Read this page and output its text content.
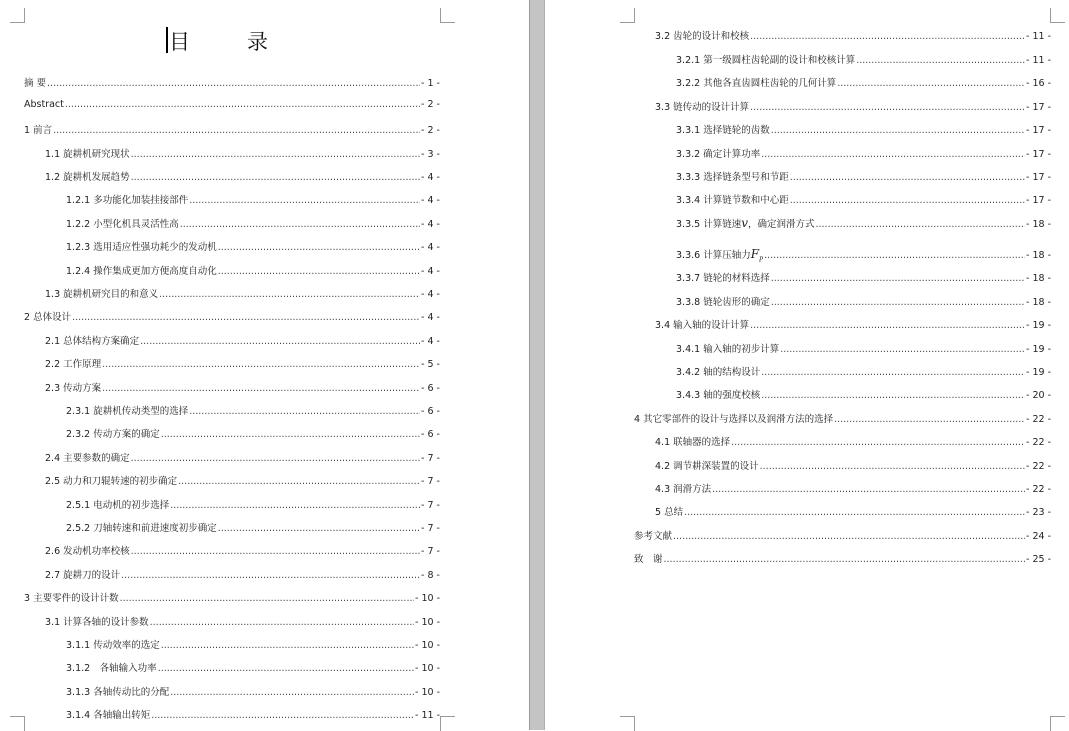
目　录
摘 要 .....	- 1 -
Abstract .....	- 2 -
1 前言 .....	- 2 -
1.1 旋耕机研究现状 .....	- 3 -
1.2 旋耕机发展趋势 .....	- 4 -
1.2.1 多功能化加装挂接部件 .....	- 4 -
1.2.2 小型化机具灵活性高 .....	- 4 -
1.2.3 选用适应性强功耗少的发动机 .....	- 4 -
1.2.4 操作集成更加方便高度自动化 .....	- 4 -
1.3 旋耕机研究目的和意义 .....	- 4 -
2 总体设计 .....	- 4 -
2.1 总体结构方案确定 .....	- 4 -
2.2 工作原理 .....	- 5 -
2.3 传动方案 .....	- 6 -
2.3.1 旋耕机传动类型的选择 .....	- 6 -
2.3.2 传动方案的确定 .....	- 6 -
2.4 主要参数的确定 .....	- 7 -
2.5 动力和刀辊转速的初步确定 .....	- 7 -
2.5.1 电动机的初步选择 .....	- 7 -
2.5.2 刀轴转速和前进速度初步确定 .....	- 7 -
2.6 发动机功率校核 .....	- 7 -
2.7 旋耕刀的设计 .....	- 8 -
3 主要零件的设计计数 .....	- 10 -
3.1 计算各轴的设计参数 .....	- 10 -
3.1.1 传动效率的选定 .....	- 10 -
3.1.2　各轴输入功率 .....	- 10 -
3.1.3 各轴传动比的分配 .....	- 10 -
3.1.4 各轴输出转矩 .....	- 11 -
3.2 齿轮的设计和校核 .....	- 11 -
3.2.1 第一级圆柱齿轮副的设计和校核计算 .....	- 11 -
3.2.2 其他各直齿圆柱齿轮的几何计算 .....	- 16 -
3.3 链传动的设计计算 .....	- 17 -
3.3.1 选择链轮的齿数 .....	- 17 -
3.3.2 确定计算功率 .....	- 17 -
3.3.3 选择链条型号和节距 .....	- 17 -
3.3.4 计算链节数和中心距 .....	- 17 -
3.3.5 计算链速v，确定润滑方式 .....	- 18 -
3.3.6 计算压轴力$F_P$ .....	- 18 -
3.3.7 链轮的材料选择 .....	- 18 -
3.3.8 链轮齿形的确定 .....	- 18 -
3.4 输入轴的设计计算 .....	- 19 -
3.4.1 输入轴的初步计算 .....	- 19 -
3.4.2 轴的结构设计 .....	- 19 -
3.4.3 轴的强度校核 .....	- 20 -
4 其它零部件的设计与选择以及润滑方法的选择 .....	- 22 -
4.1 联轴器的选择 .....	- 22 -
4.2 调节耕深装置的设计 .....	- 22 -
4.3 润滑方法 .....	- 22 -
5 总结 .....	- 23 -
参考文献 .....	- 24 -
致　谢 .....	- 25 -
